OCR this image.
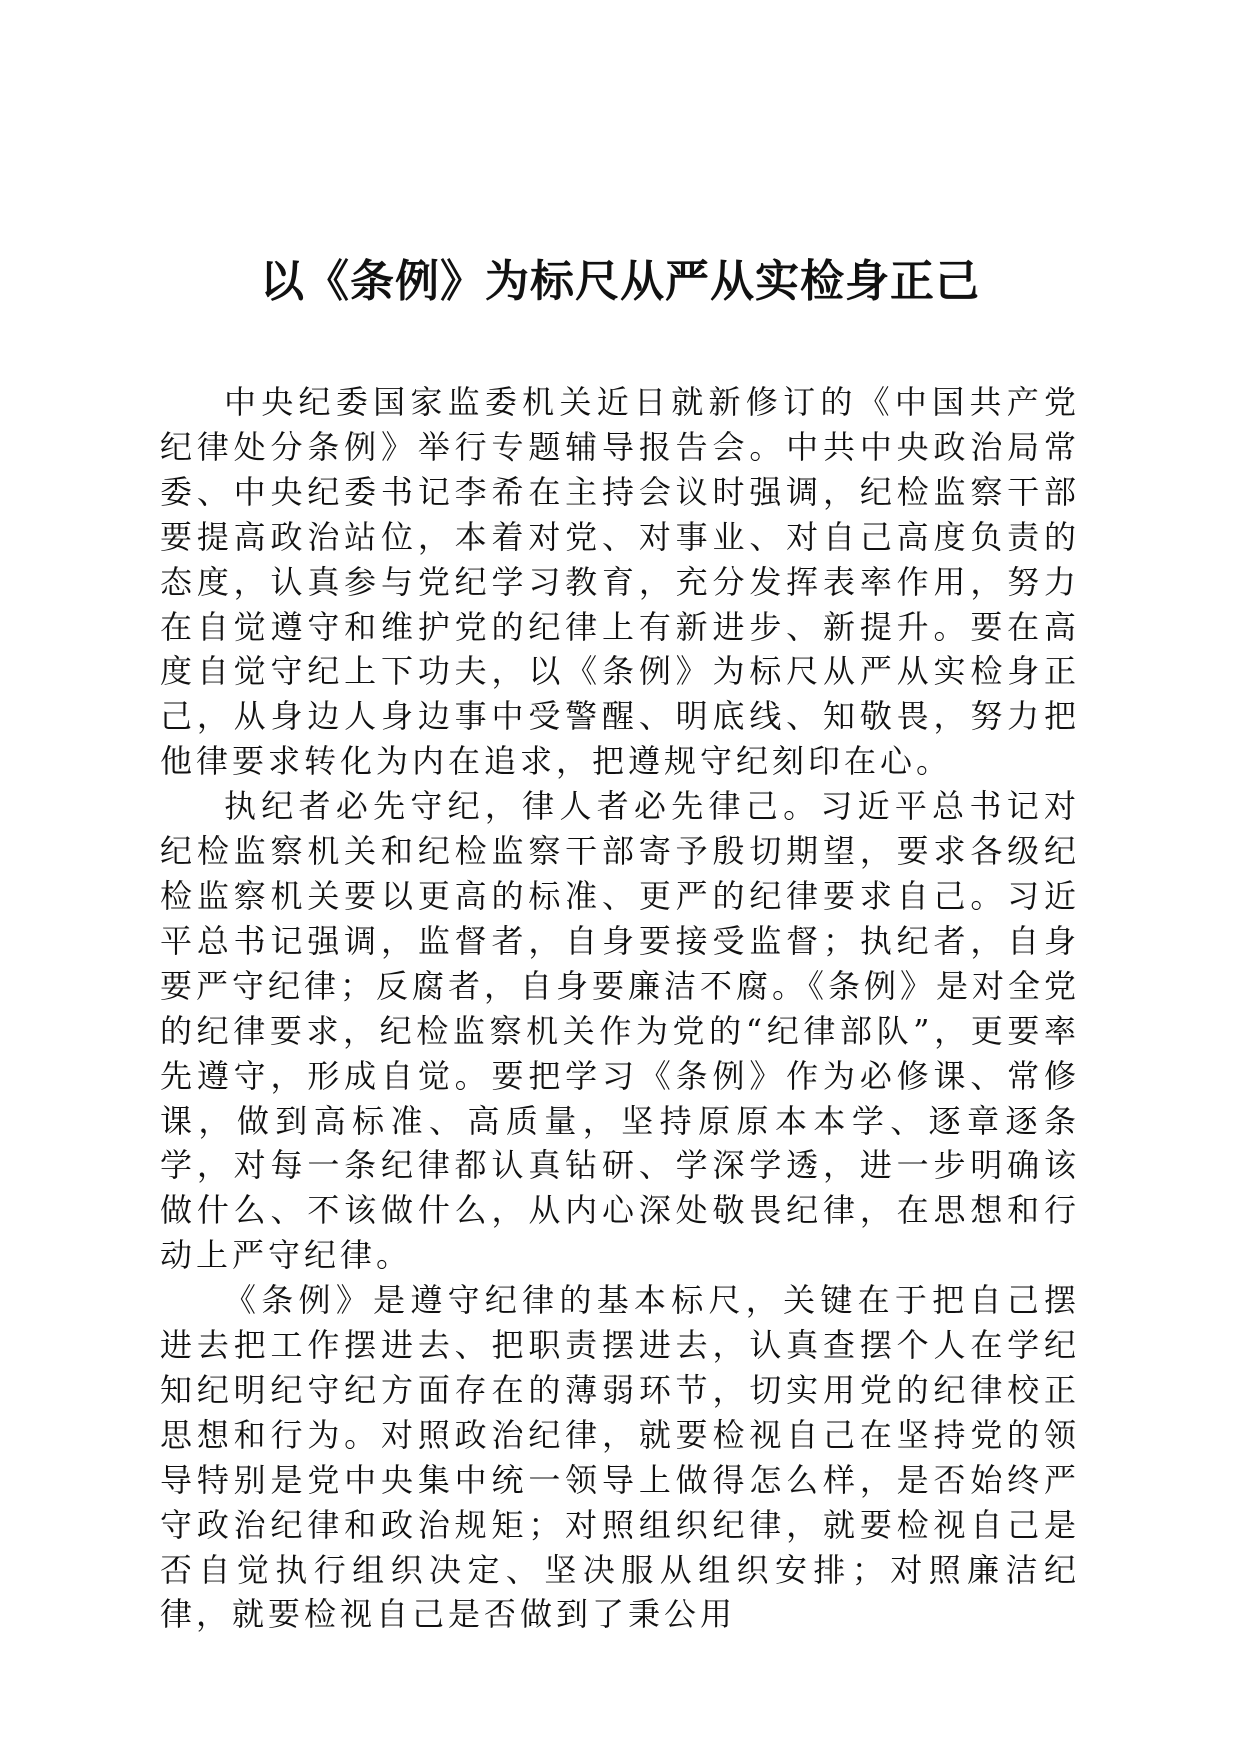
以《条例》为标尺从严从实检身正己

中央纪委国家监委机关近日就新修订的《中国共产党纪律处分条例》举行专题辅导报告会。中共中央政治局常委、中央纪委书记李希在主持会议时强调，纪检监察干部要提高政治站位，本着对党、对事业、对自己高度负责的态度，认真参与党纪学习教育，充分发挥表率作用，努力在自觉遵守和维护党的纪律上有新进步、新提升。要在高度自觉守纪上下功夫，以《条例》为标尺从严从实检身正己，从身边人身边事中受警醒、明底线、知敬畏，努力把他律要求转化为内在追求，把遵规守纪刻印在心。

执纪者必先守纪，律人者必先律己。习近平总书记对纪检监察机关和纪检监察干部寄予殷切期望，要求各级纪检监察机关要以更高的标准、更严的纪律要求自己。习近平总书记强调，监督者，自身要接受监督；执纪者，自身要严守纪律；反腐者，自身要廉洁不腐。《条例》是对全党的纪律要求，纪检监察机关作为党的“纪律部队”，更要率先遵守，形成自觉。要把学习《条例》作为必修课、常修课，做到高标准、高质量，坚持原原本本学、逐章逐条学，对每一条纪律都认真钻研、学深学透，进一步明确该做什么、不该做什么，从内心深处敬畏纪律，在思想和行动上严守纪律。

《条例》是遵守纪律的基本标尺，关键在于把自己摆进去把工作摆进去、把职责摆进去，认真查摆个人在学纪知纪明纪守纪方面存在的薄弱环节，切实用党的纪律校正思想和行为。对照政治纪律，就要检视自己在坚持党的领导特别是党中央集中统一领导上做得怎么样，是否始终严守政治纪律和政治规矩；对照组织纪律，就要检视自己是否自觉执行组织决定、坚决服从组织安排；对照廉洁纪律，就要检视自己是否做到了秉公用
